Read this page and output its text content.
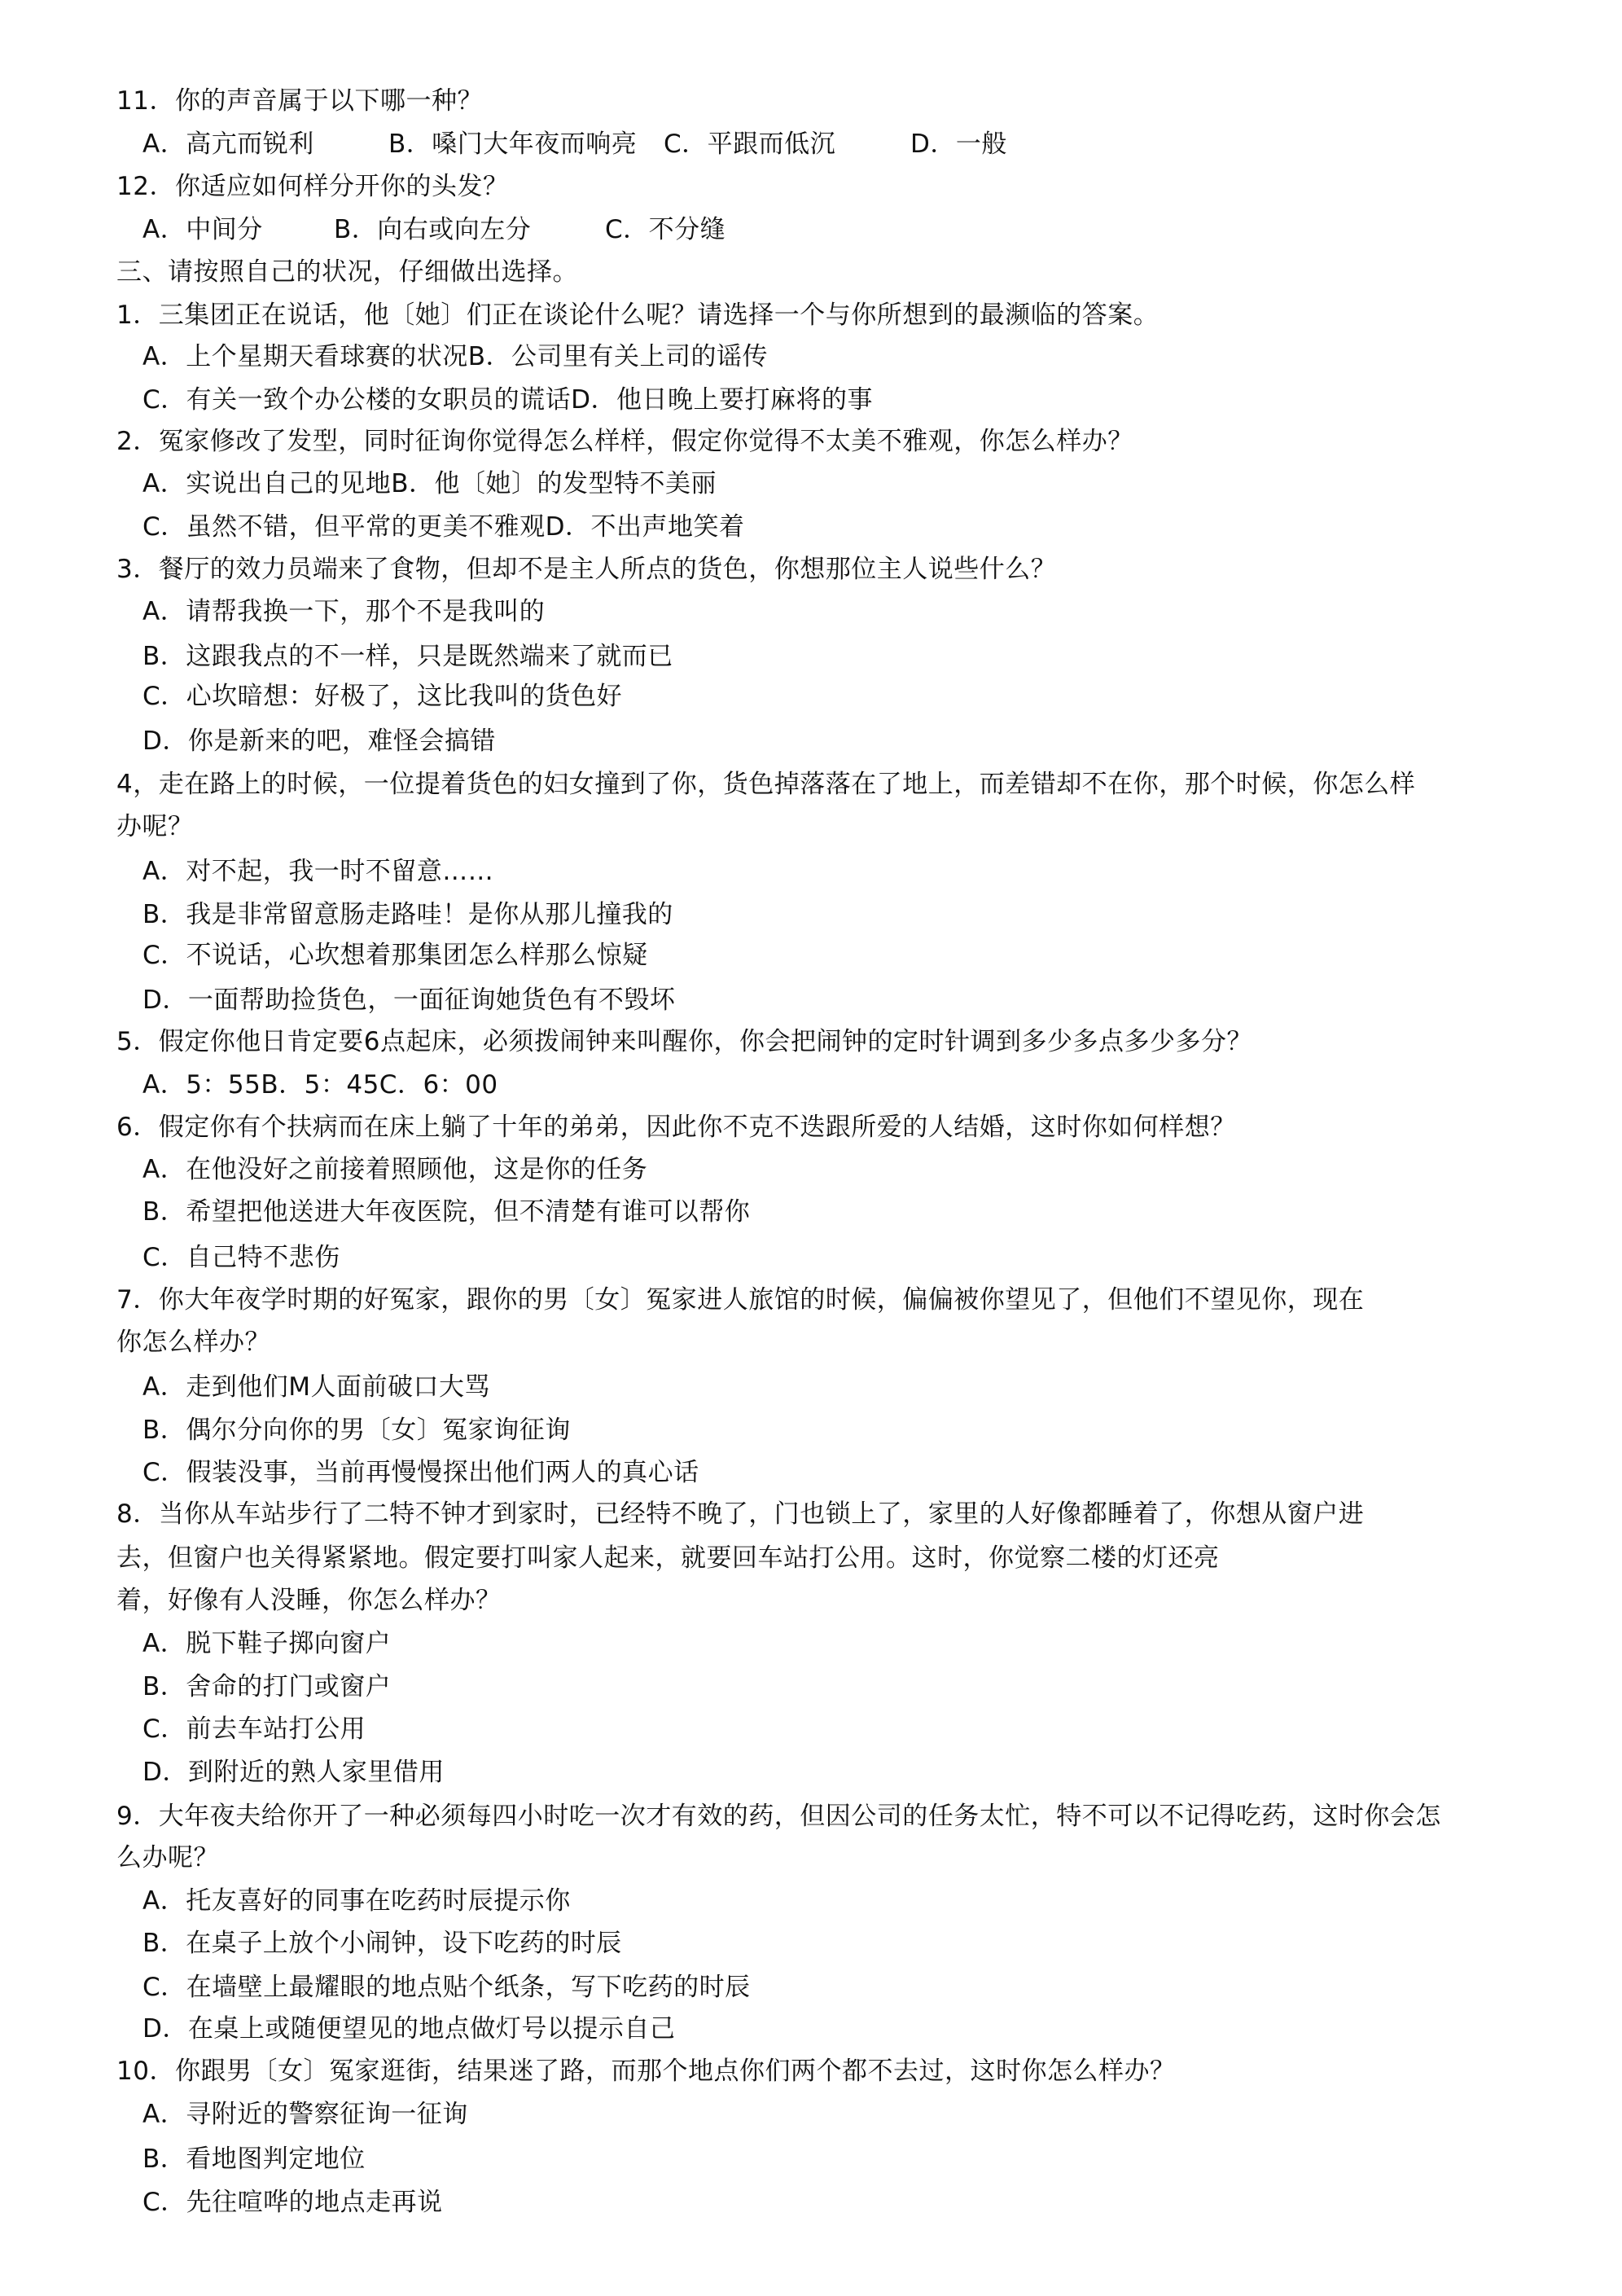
11．你的声音属于以下哪一种？
A．高亢而锐利	B．嗓门大年夜而响亮 C．平跟而低沉	D．一般
12．你适应如何样分开你的头发？
A．中间分	B．向右或向左分	C．不分缝
三、请按照自己的状况，仔细做出选择。
1．三集团正在说话，他〔她〕们正在谈论什么呢？请选择一个与你所想到的最濒临的答案。
A．上个星期天看球赛的状况B．公司里有关上司的谣传
C．有关一致个办公楼的女职员的谎话D．他日晚上要打麻将的事
2．冤家修改了发型，同时征询你觉得怎么样样，假定你觉得不太美不雅观，你怎么样办？
A．实说出自己的见地B．他〔她〕的发型特不美丽
C．虽然不错，但平常的更美不雅观D．不出声地笑着
3．餐厅的效力员端来了食物，但却不是主人所点的货色，你想那位主人说些什么？
A．请帮我换一下，那个不是我叫的
B．这跟我点的不一样，只是既然端来了就而已
C．心坎暗想：好极了，这比我叫的货色好
D．你是新来的吧，难怪会搞错
4，走在路上的时候，一位提着货色的妇女撞到了你，货色掉落落在了地上，而差错却不在你，那个时候，你怎么样
办呢？
A．对不起，我一时不留意……
B．我是非常留意肠走路哇！是你从那儿撞我的
C．不说话，心坎想着那集团怎么样那么惊疑
D．一面帮助捡货色，一面征询她货色有不毁坏
5．假定你他日肯定要6点起床，必须拨闹钟来叫醒你，你会把闹钟的定时针调到多少多点多少多分？
A．5：55B．5：45C．6：00
6．假定你有个扶病而在床上躺了十年的弟弟，因此你不克不迭跟所爱的人结婚，这时你如何样想？
A．在他没好之前接着照顾他，这是你的任务
B．希望把他送进大年夜医院，但不清楚有谁可以帮你
C．自己特不悲伤
7．你大年夜学时期的好冤家，跟你的男〔女〕冤家进人旅馆的时候，偏偏被你望见了，但他们不望见你，现在
你怎么样办？
A．走到他们M人面前破口大骂
B．偶尔分向你的男〔女〕冤家询征询
C．假装没事，当前再慢慢探出他们两人的真心话
8．当你从车站步行了二特不钟才到家时，已经特不晚了，门也锁上了，家里的人好像都睡着了，你想从窗户进
去，但窗户也关得紧紧地。假定要打叫家人起来，就要回车站打公用。这时，你觉察二楼的灯还亮
着，好像有人没睡，你怎么样办？
A．脱下鞋子掷向窗户
B．舍命的打门或窗户
C．前去车站打公用
D．到附近的熟人家里借用
9．大年夜夫给你开了一种必须每四小时吃一次才有效的药，但因公司的任务太忙，特不可以不记得吃药，这时你会怎
么办呢？
A．托友喜好的同事在吃药时辰提示你
B．在桌子上放个小闹钟，设下吃药的时辰
C．在墙壁上最耀眼的地点贴个纸条，写下吃药的时辰
D．在桌上或随便望见的地点做灯号以提示自己
10．你跟男〔女〕冤家逛街，结果迷了路，而那个地点你们两个都不去过，这时你怎么样办？
A．寻附近的警察征询一征询
B．看地图判定地位
C．先往喧哗的地点走再说
